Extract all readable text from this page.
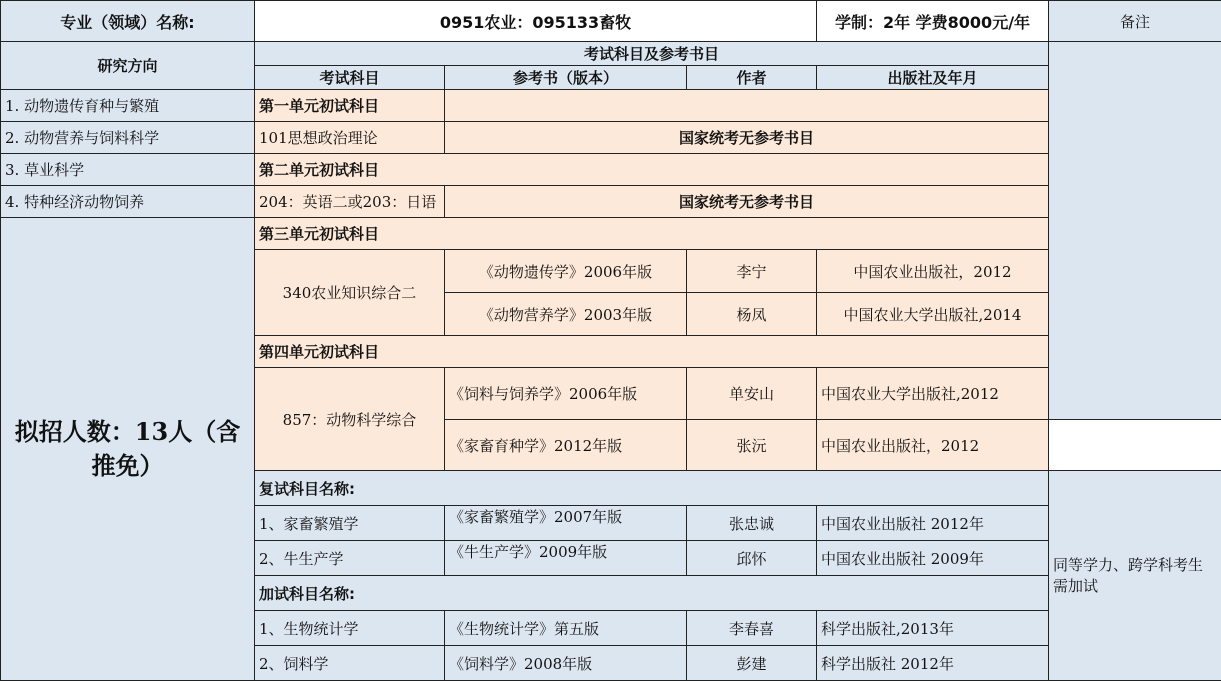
专业（领域）名称:	0951农业：095133畜牧			学制：2年 学费8000元/年	备注
研究方向	考试科目及参考书目				
	考试科目	参考书（版本）	作者	出版社及年月	
1. 动物遗传育种与繁殖	第一单元初试科目				
2. 动物营养与饲料科学	101思想政治理论	国家统考无参考书目			
3. 草业科学	第二单元初试科目				
4. 特种经济动物饲养	204：英语二或203：日语	国家统考无参考书目			
拟招人数：13人（含推免）	第三单元初试科目				
	340农业知识综合二	《动物遗传学》2006年版	李宁	中国农业出版社，2012	
		《动物营养学》2003年版	杨凤	中国农业大学出版社,2014	
	第四单元初试科目				
	857：动物科学综合	《饲料与饲养学》2006年版	单安山	中国农业大学出版社,2012	
		《家畜育种学》2012年版	张沅	中国农业出版社，2012	
	复试科目名称:				同等学力、跨学科考生需加试
	1、家畜繁殖学	《家畜繁殖学》2007年版	张忠诚	中国农业出版社 2012年	
	2、牛生产学	《牛生产学》2009年版	邱怀	中国农业出版社 2009年	
	加试科目名称:				
	1、生物统计学	《生物统计学》第五版	李春喜	科学出版社,2013年	
	2、饲料学	《饲料学》2008年版	彭建	科学出版社 2012年	
